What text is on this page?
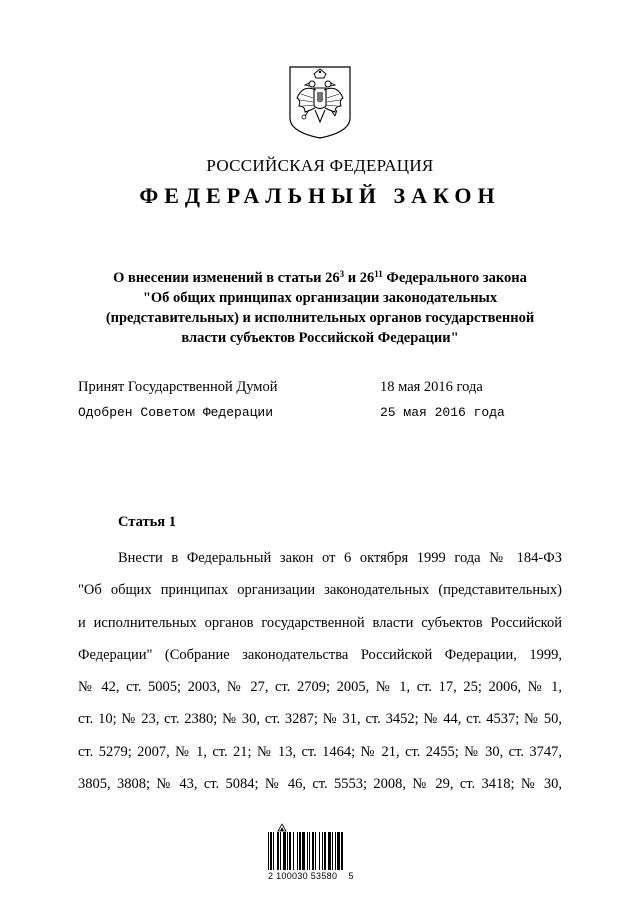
РОССИЙСКАЯ ФЕДЕРАЦИЯ
ФЕДЕРАЛЬНЫЙ ЗАКОН
О внесении изменений в статьи $26^3$ и $26^{11}$ Федерального закона
"Об общих принципах организации законодательных
(представительных) и исполнительных органов государственной
власти субъектов Российской Федерации"
Принят Государственной Думой	18 мая 2016 года
Одобрен Советом Федерации	25 мая 2016 года
Статья 1
Внести в Федеральный закон от 6 октября 1999 года № 184-ФЗ
"Об общих принципах организации законодательных (представительных)
и исполнительных органов государственной власти субъектов Российской
Федерации" (Собрание законодательства Российской Федерации, 1999,
№ 42, ст. 5005; 2003, № 27, ст. 2709; 2005, № 1, ст. 17, 25; 2006, № 1,
ст. 10; № 23, ст. 2380; № 30, ст. 3287; № 31, ст. 3452; № 44, ст. 4537; № 50,
ст. 5279; 2007, № 1, ст. 21; № 13, ст. 1464; № 21, ст. 2455; № 30, ст. 3747,
3805, 3808; № 43, ст. 5084; № 46, ст. 5553; 2008, № 29, ст. 3418; № 30,
2 100030 53580    5
